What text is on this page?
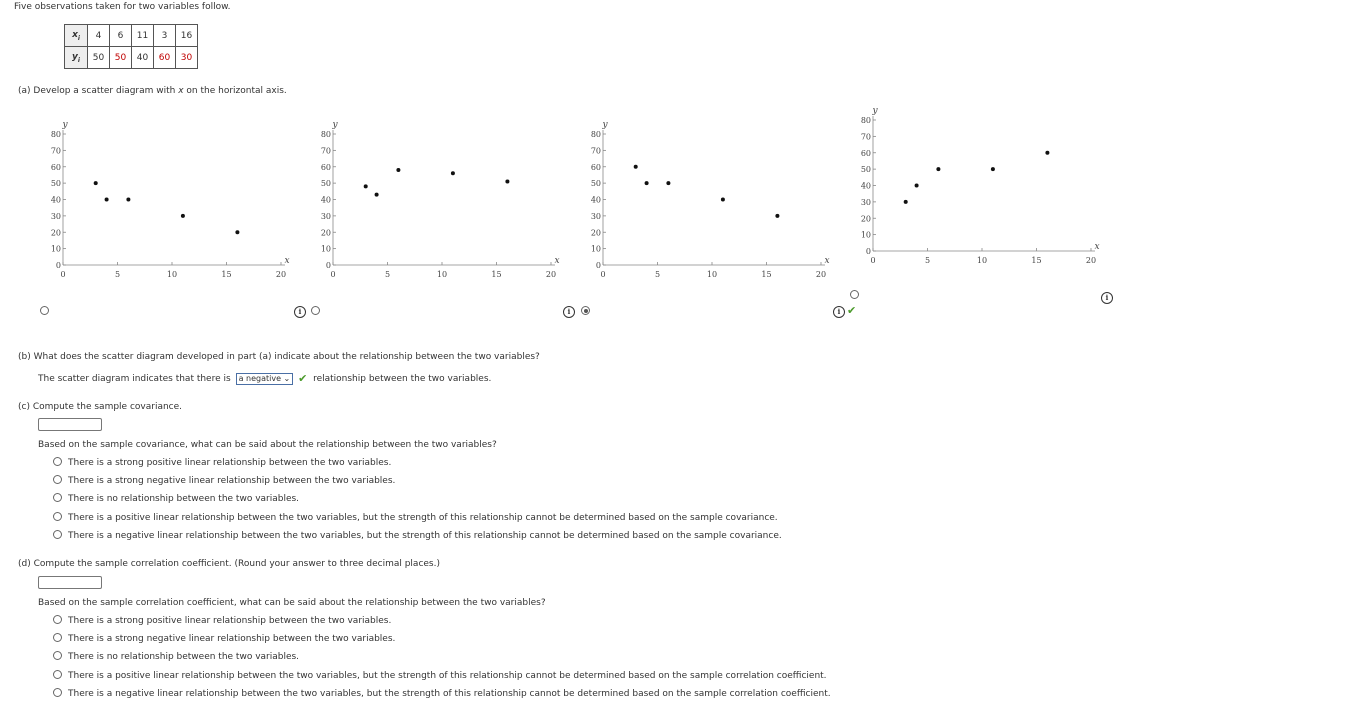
Five observations taken for two variables follow.
$x_i$	4	6	11	3	16
$y_i$	50	50	40	60	30
(a) Develop a scatter diagram with x on the horizontal axis.
0
10
20
30
40
50
60
70
80
0	5	10	15	20
x
y
0
10
20
30
40
50
60
70
80
0	5	10	15	20
x
y
0
10
20
30
40
50
60
70
80
0	5	10	15	20
x
y
0
10
20
30
40
50
60
70
80
0	5	10	15	20
x
y
i	i	i ✔
i
(b) What does the scatter diagram developed in part (a) indicate about the relationship between the two variables?
The scatter diagram indicates that there is a negative ⌄ ✔ relationship between the two variables.
(c) Compute the sample covariance.
Based on the sample covariance, what can be said about the relationship between the two variables?
There is a strong positive linear relationship between the two variables.
There is a strong negative linear relationship between the two variables.
There is no relationship between the two variables.
There is a positive linear relationship between the two variables, but the strength of this relationship cannot be determined based on the sample covariance.
There is a negative linear relationship between the two variables, but the strength of this relationship cannot be determined based on the sample covariance.
(d) Compute the sample correlation coefficient. (Round your answer to three decimal places.)
Based on the sample correlation coefficient, what can be said about the relationship between the two variables?
There is a strong positive linear relationship between the two variables.
There is a strong negative linear relationship between the two variables.
There is no relationship between the two variables.
There is a positive linear relationship between the two variables, but the strength of this relationship cannot be determined based on the sample correlation coefficient.
There is a negative linear relationship between the two variables, but the strength of this relationship cannot be determined based on the sample correlation coefficient.
